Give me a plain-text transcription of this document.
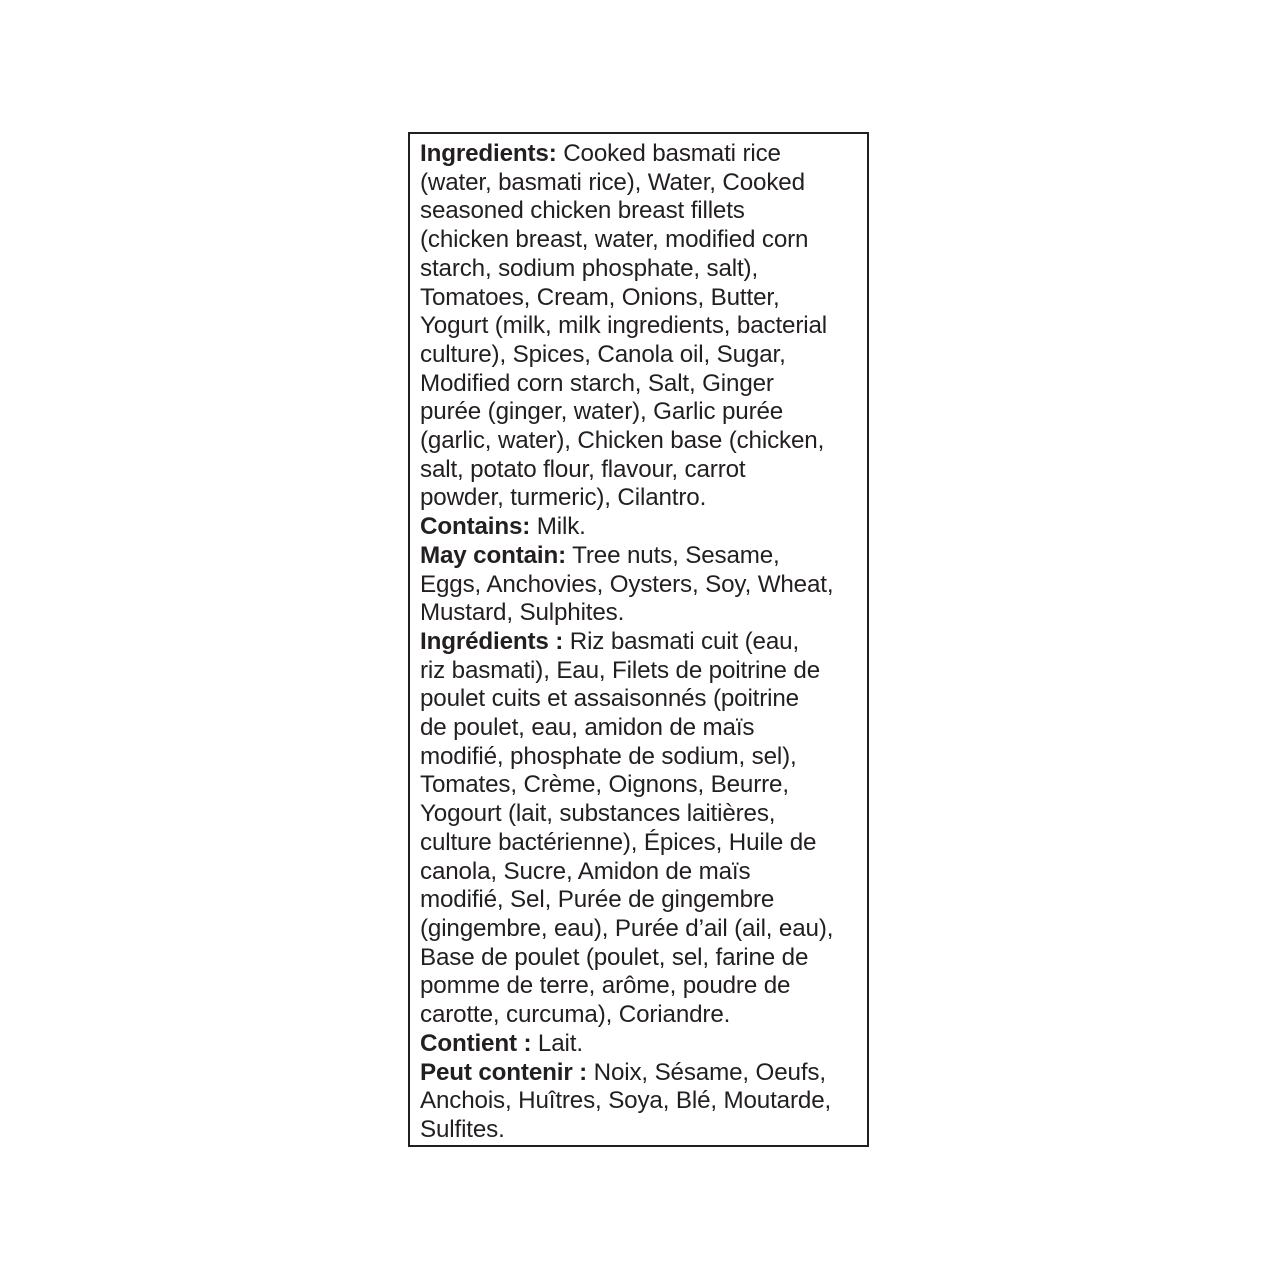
Ingredients: Cooked basmati rice
(water, basmati rice), Water, Cooked
seasoned chicken breast fillets
(chicken breast, water, modified corn
starch, sodium phosphate, salt),
Tomatoes, Cream, Onions, Butter,
Yogurt (milk, milk ingredients, bacterial
culture), Spices, Canola oil, Sugar,
Modified corn starch, Salt, Ginger
purée (ginger, water), Garlic purée
(garlic, water), Chicken base (chicken,
salt, potato flour, flavour, carrot
powder, turmeric), Cilantro.
Contains: Milk.
May contain: Tree nuts, Sesame,
Eggs, Anchovies, Oysters, Soy, Wheat,
Mustard, Sulphites.
Ingrédients : Riz basmati cuit (eau,
riz basmati), Eau, Filets de poitrine de
poulet cuits et assaisonnés (poitrine
de poulet, eau, amidon de maïs
modifié, phosphate de sodium, sel),
Tomates, Crème, Oignons, Beurre,
Yogourt (lait, substances laitières,
culture bactérienne), Épices, Huile de
canola, Sucre, Amidon de maïs
modifié, Sel, Purée de gingembre
(gingembre, eau), Purée d’ail (ail, eau),
Base de poulet (poulet, sel, farine de
pomme de terre, arôme, poudre de
carotte, curcuma), Coriandre.
Contient : Lait.
Peut contenir : Noix, Sésame, Oeufs,
Anchois, Huîtres, Soya, Blé, Moutarde,
Sulfites.
